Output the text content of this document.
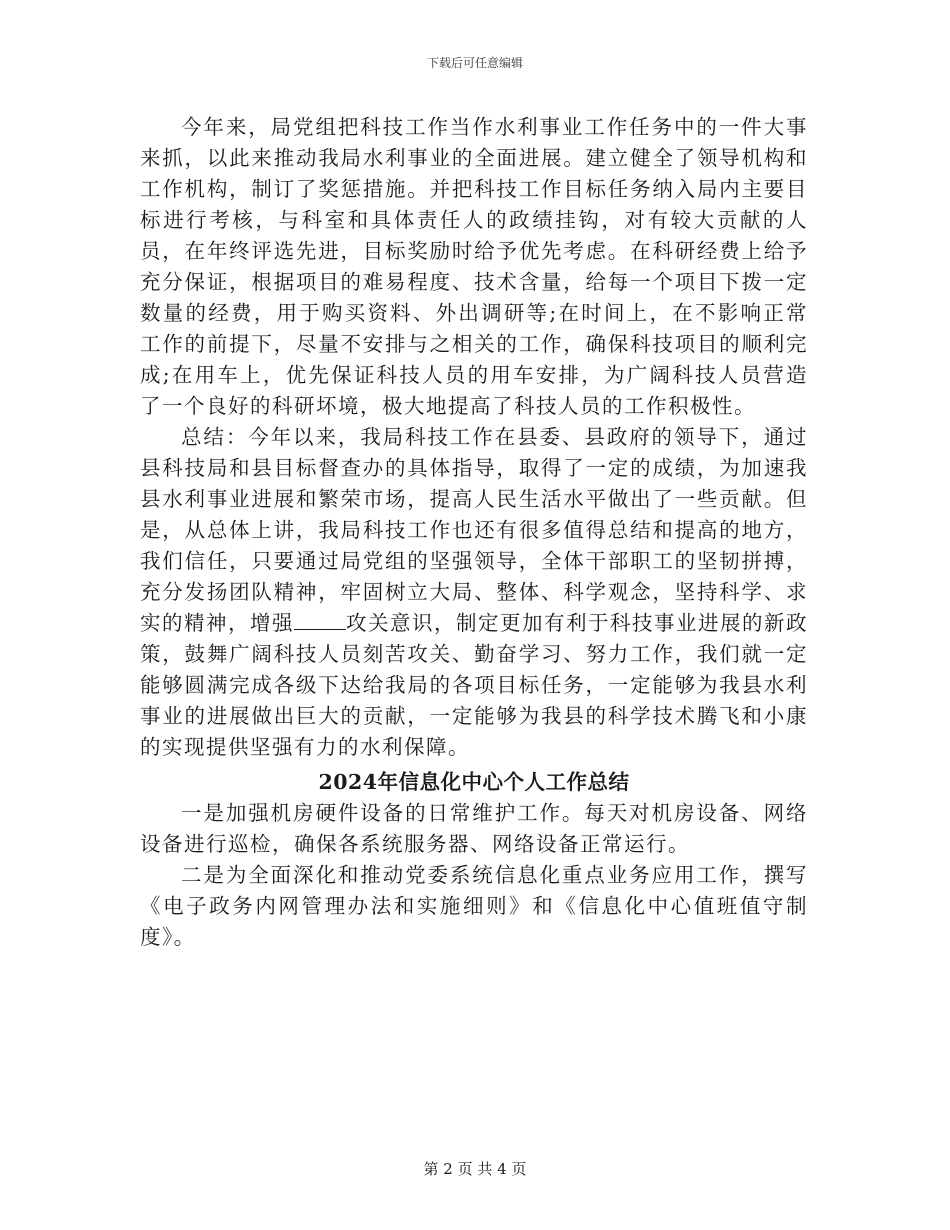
下载后可任意编辑

今年来，局党组把科技工作当作水利事业工作任务中的一件大事来抓，以此来推动我局水利事业的全面进展。建立健全了领导机构和工作机构，制订了奖惩措施。并把科技工作目标任务纳入局内主要目标进行考核，与科室和具体责任人的政绩挂钩，对有较大贡献的人员，在年终评选先进，目标奖励时给予优先考虑。在科研经费上给予充分保证，根据项目的难易程度、技术含量，给每一个项目下拨一定数量的经费，用于购买资料、外出调研等;在时间上，在不影响正常工作的前提下，尽量不安排与之相关的工作，确保科技项目的顺利完成;在用车上，优先保证科技人员的用车安排，为广阔科技人员营造了一个良好的科研坏境，极大地提高了科技人员的工作积极性。

总结：今年以来，我局科技工作在县委、县政府的领导下，通过县科技局和县目标督查办的具体指导，取得了一定的成绩，为加速我县水利事业进展和繁荣市场，提高人民生活水平做出了一些贡献。但是，从总体上讲，我局科技工作也还有很多值得总结和提高的地方，我们信任，只要通过局党组的坚强领导，全体干部职工的坚韧拼搏，充分发扬团队精神，牢固树立大局、整体、科学观念，坚持科学、求实的精神，增强	攻关意识，制定更加有利于科技事业进展的新政策，鼓舞广阔科技人员刻苦攻关、勤奋学习、努力工作，我们就一定能够圆满完成各级下达给我局的各项目标任务，一定能够为我县水利事业的进展做出巨大的贡献，一定能够为我县的科学技术腾飞和小康的实现提供坚强有力的水利保障。

2024年信息化中心个人工作总结

一是加强机房硬件设备的日常维护工作。每天对机房设备、网络设备进行巡检，确保各系统服务器、网络设备正常运行。

二是为全面深化和推动党委系统信息化重点业务应用工作，撰写《电子政务内网管理办法和实施细则》和《信息化中心值班值守制度》。

第 2 页 共 4 页
